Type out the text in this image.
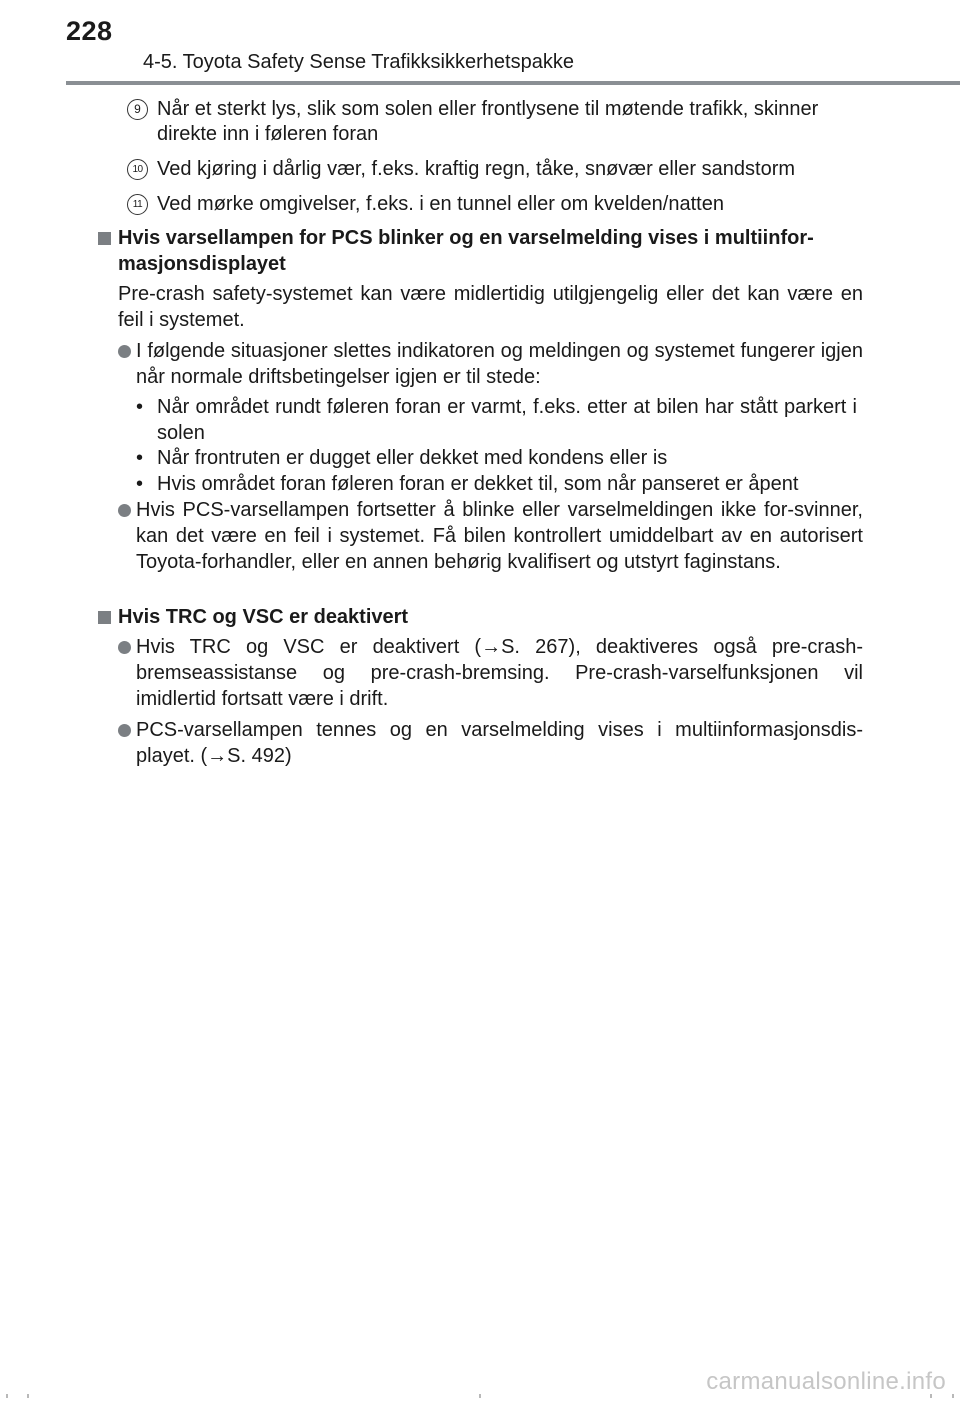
228
4-5. Toyota Safety Sense Trafikksikkerhetspakke
9 Når et sterkt lys, slik som solen eller frontlysene til møtende trafikk, skinner direkte inn i føleren foran
10 Ved kjøring i dårlig vær, f.eks. kraftig regn, tåke, snøvær eller sandstorm
11 Ved mørke omgivelser, f.eks. i en tunnel eller om kvelden/natten
Hvis varsellampen for PCS blinker og en varselmelding vises i multiinfor-masjonsdisplayet
Pre-crash safety-systemet kan være midlertidig utilgjengelig eller det kan være en feil i systemet.
I følgende situasjoner slettes indikatoren og meldingen og systemet fungerer igjen når normale driftsbetingelser igjen er til stede:
• Når området rundt føleren foran er varmt, f.eks. etter at bilen har stått parkert i solen
• Når frontruten er dugget eller dekket med kondens eller is
• Hvis området foran føleren foran er dekket til, som når panseret er åpent
Hvis PCS-varsellampen fortsetter å blinke eller varselmeldingen ikke for-svinner, kan det være en feil i systemet. Få bilen kontrollert umiddelbart av en autorisert Toyota-forhandler, eller en annen behørig kvalifisert og utstyrt faginstans.
Hvis TRC og VSC er deaktivert
Hvis TRC og VSC er deaktivert (→S. 267), deaktiveres også pre-crash-bremseassistanse og pre-crash-bremsing. Pre-crash-varselfunksjonen vil imidlertid fortsatt være i drift.
PCS-varsellampen tennes og en varselmelding vises i multiinformasjonsdis-playet. (→S. 492)
carmanualsonline.info
